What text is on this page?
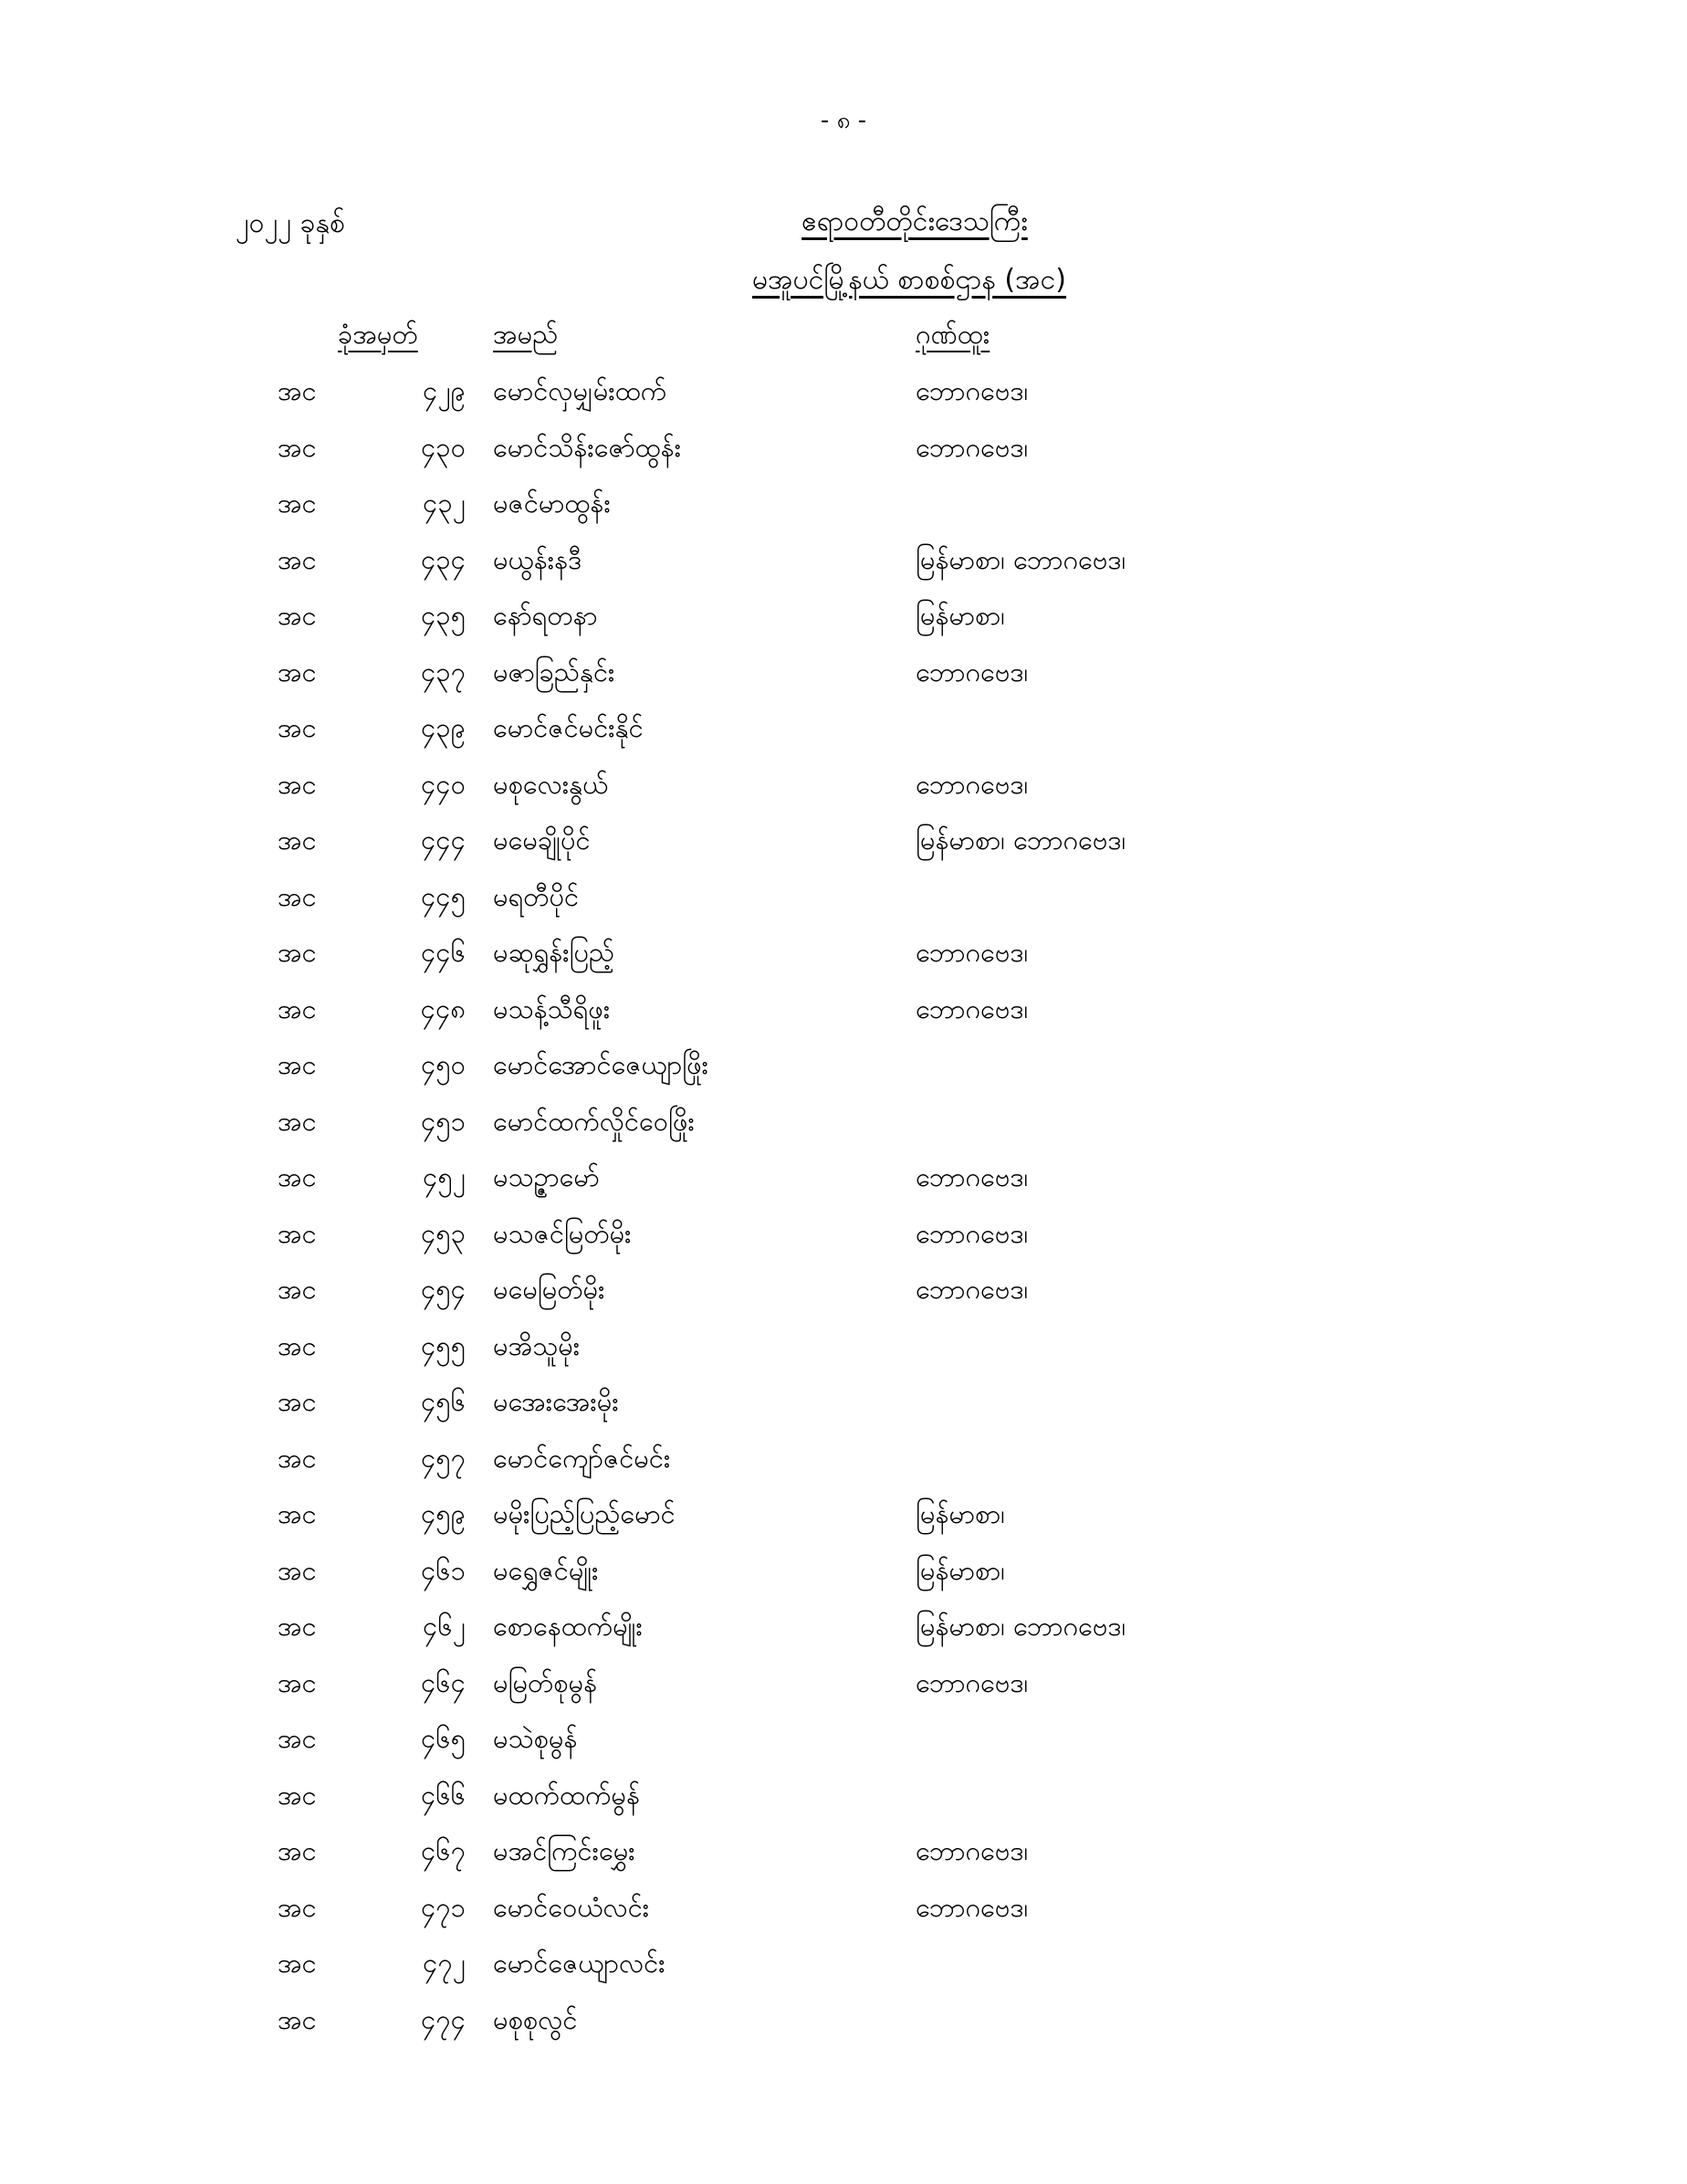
- ၈ -
၂၀၂၂ ခုနှစ်	ဧရာဝတီတိုင်းဒေသကြီး
မအူပင်မြို့နယ် စာစစ်ဌာန (အင)
ခုံအမှတ်	အမည်	ဂုဏ်ထူး
အင	၄၂၉ မောင်လှမျှမ်းထက်	ဘောဂဗေဒ၊
အင	၄၃၀ မောင်သိန်းဇော်ထွန်း	ဘောဂဗေဒ၊
အင	၄၃၂ မဇင်မာထွန်း
အင	၄၃၄ မယွန်းနဒီ	မြန်မာစာ၊ ဘောဂဗေဒ၊
အင	၄၃၅ နော်ရတနာ	မြန်မာစာ၊
အင	၄၃၇ မဇာခြည်နှင်း	ဘောဂဗေဒ၊
အင	၄၃၉ မောင်ဇင်မင်းနိုင်
အင	၄၄၀ မစုလေးနွယ်	ဘောဂဗေဒ၊
အင	၄၄၄ မမေချိုပိုင်	မြန်မာစာ၊ ဘောဂဗေဒ၊
အင	၄၄၅ မရတီပိုင်
အင	၄၄၆ မဆုရွှန်းပြည့်	ဘောဂဗေဒ၊
အင	၄၄၈ မသန့်သီရိဖူး	ဘောဂဗေဒ၊
အင	၄၅၀ မောင်အောင်ဇေယျာဖြိုး
အင	၄၅၁ မောင်ထက်လှိုင်ဝေဖြိုး
အင	၄၅၂ မသဉ္ဇာမော်	ဘောဂဗေဒ၊
အင	၄၅၃ မသဇင်မြတ်မိုး	ဘောဂဗေဒ၊
အင	၄၅၄ မမေမြတ်မိုး	ဘောဂဗေဒ၊
အင	၄၅၅ မအိသူမိုး
အင	၄၅၆ မအေးအေးမိုး
အင	၄၅၇ မောင်ကျော်ဇင်မင်း
အင	၄၅၉ မမိုးပြည့်ပြည့်မောင်	မြန်မာစာ၊
အင	၄၆၁ မရွှေဇင်မျိုး	မြန်မာစာ၊
အင	၄၆၂ စောနေထက်မျိုး	မြန်မာစာ၊ ဘောဂဗေဒ၊
အင	၄၆၄ မမြတ်စုမွန်	ဘောဂဗေဒ၊
အင	၄၆၅ မသဲစုမွန်
အင	၄၆၆ မထက်ထက်မွန်
အင	၄၆၇ မအင်ကြင်းမွှေး	ဘောဂဗေဒ၊
အင	၄၇၁ မောင်ဝေယံလင်း	ဘောဂဗေဒ၊
အင	၄၇၂ မောင်ဇေယျာလင်း
အင	၄၇၄ မစုစုလွင်
